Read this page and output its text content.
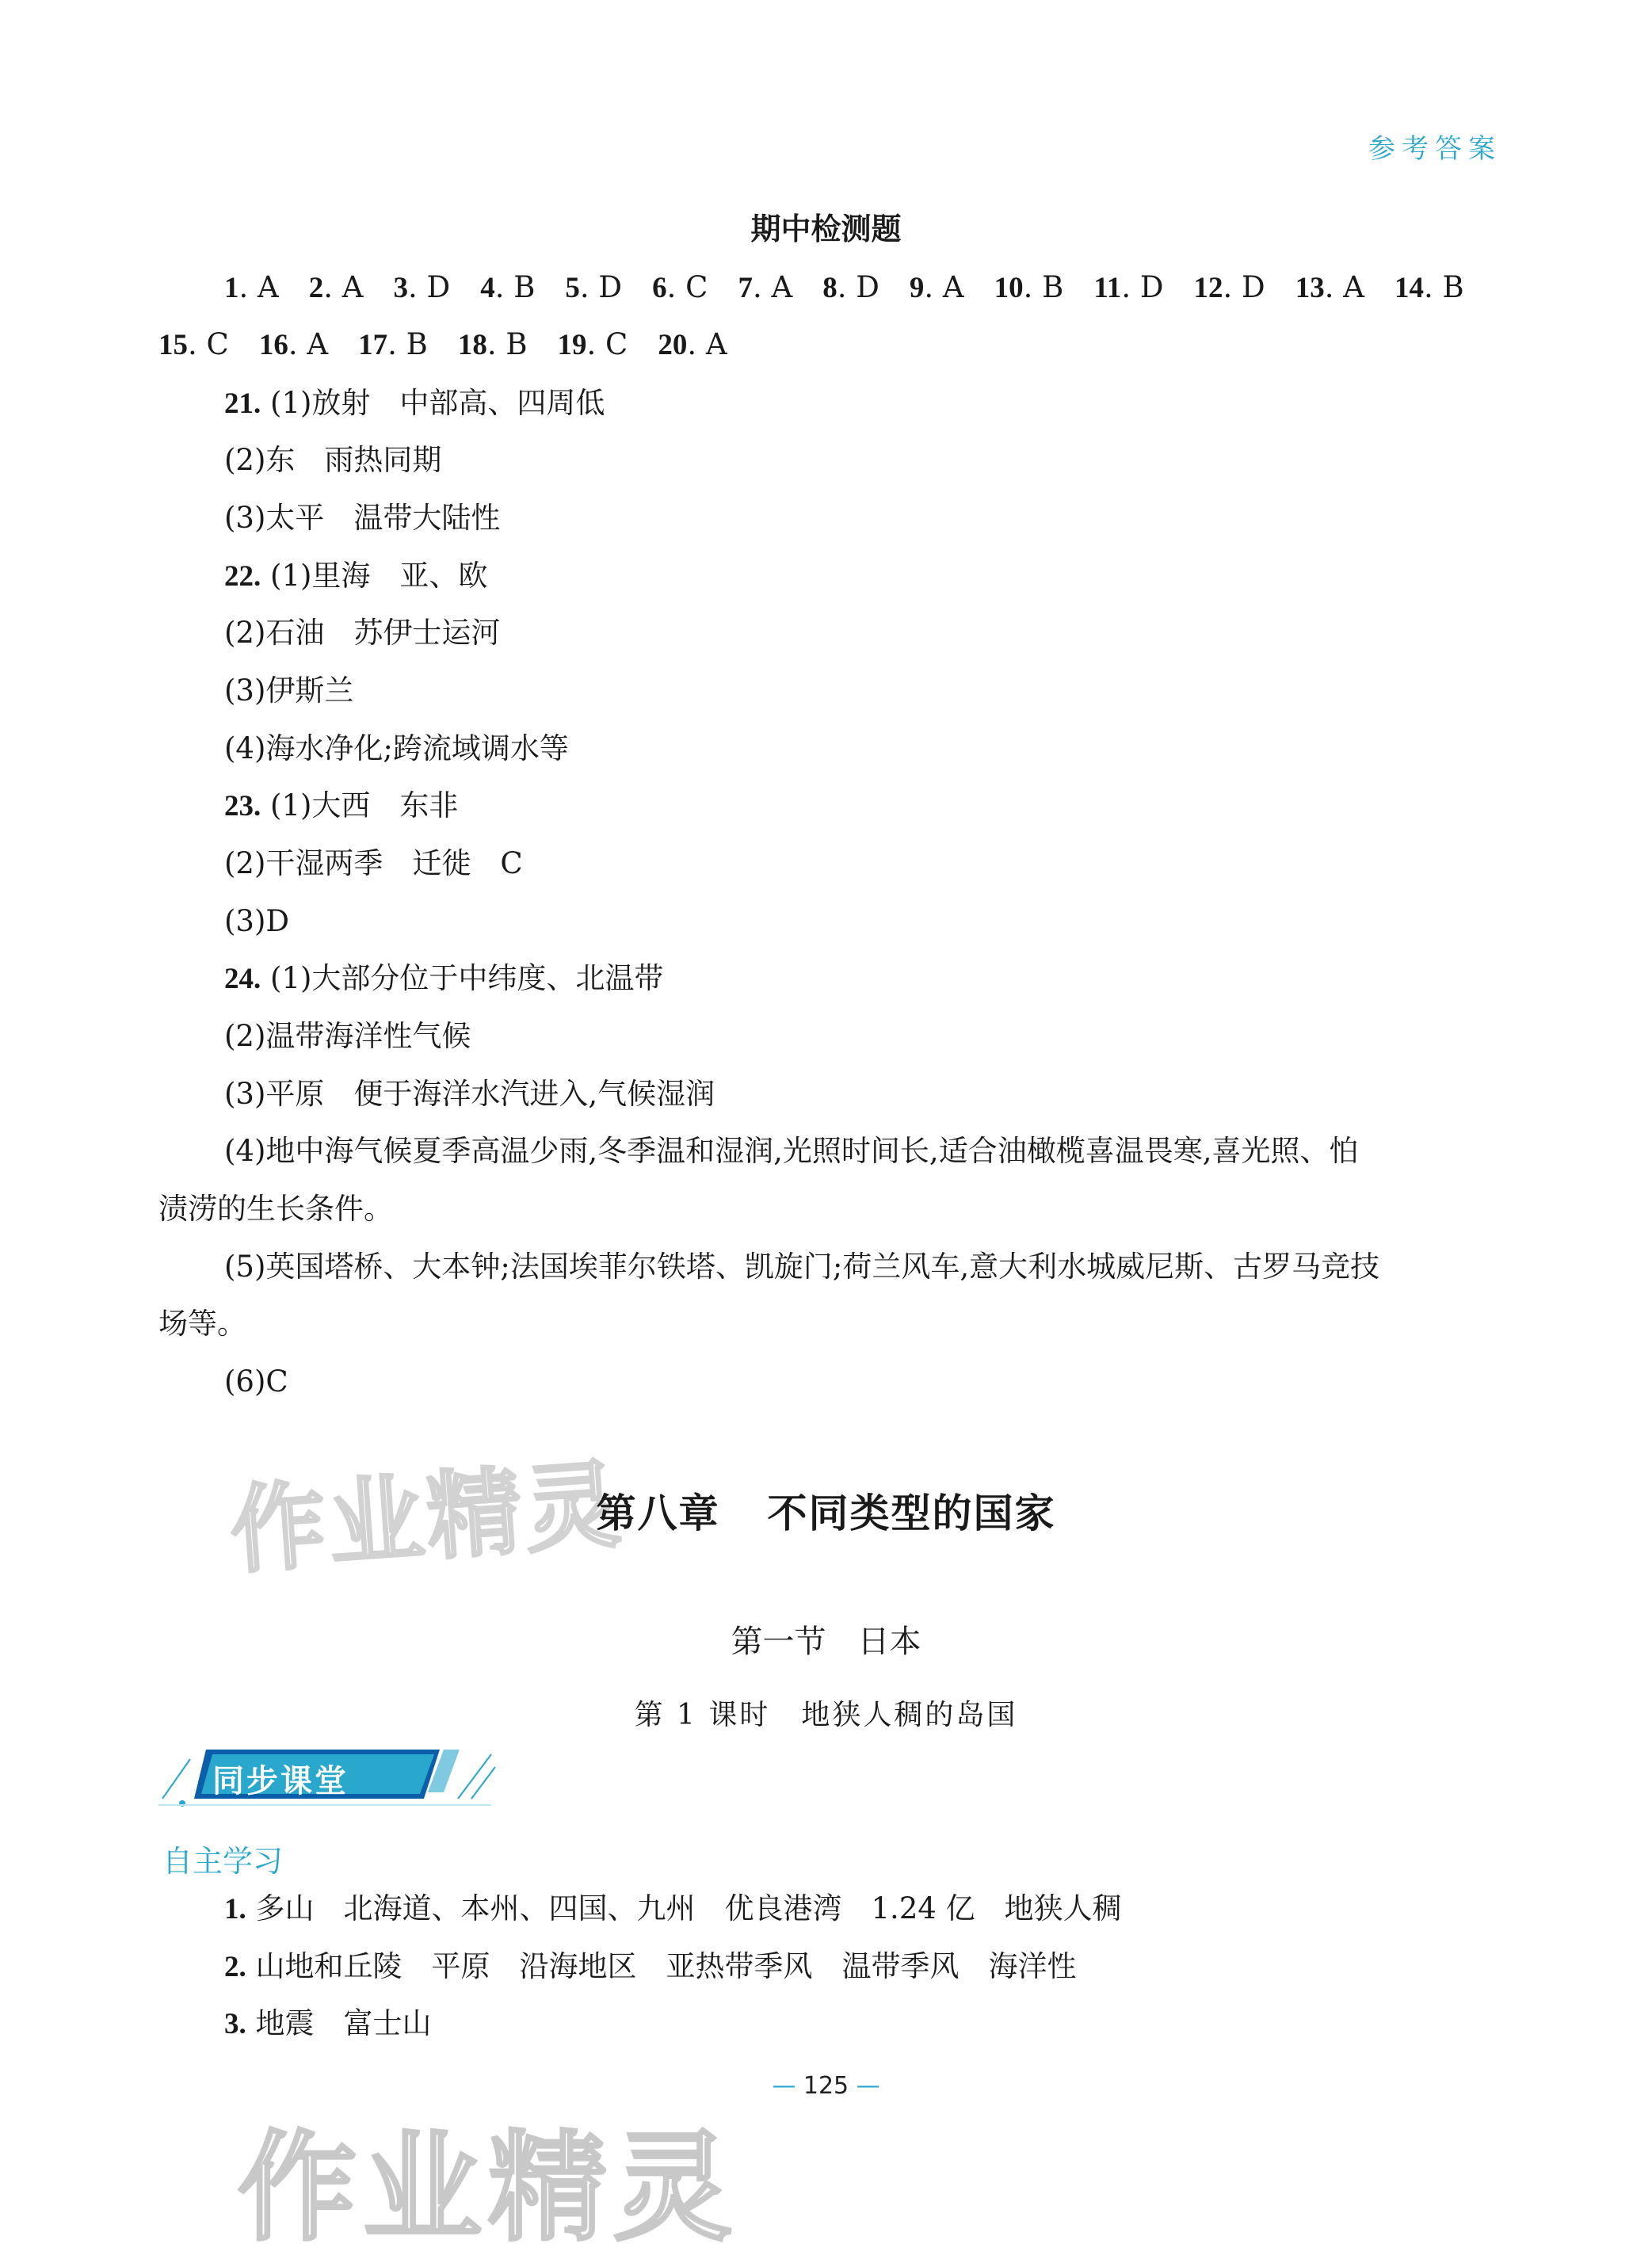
参考答案
期中检测题
1. A 2. A 3. D 4. B 5. D 6. C 7. A 8. D 9. A 10. B 11. D 12. D 13. A 14. B
15. C 16. A 17. B 18. B 19. C 20. A
21. (1)放射　中部高、四周低
(2)东　雨热同期
(3)太平　温带大陆性
22. (1)里海　亚、欧
(2)石油　苏伊士运河
(3)伊斯兰
(4)海水净化;跨流域调水等
23. (1)大西　东非
(2)干湿两季　迁徙　C
(3)D
24. (1)大部分位于中纬度、北温带
(2)温带海洋性气候
(3)平原　便于海洋水汽进入,气候湿润
(4)地中海气候夏季高温少雨,冬季温和湿润,光照时间长,适合油橄榄喜温畏寒,喜光照、怕
渍涝的生长条件。
(5)英国塔桥、大本钟;法国埃菲尔铁塔、凯旋门;荷兰风车,意大利水城威尼斯、古罗马竞技
场等。
(6)C
作业精灵
第八章 不同类型的国家
第一节　日本
第 1 课时　地狭人稠的岛国
同步课堂
自主学习
1. 多山　北海道、本州、四国、九州　优良港湾　1.24 亿　地狭人稠
2. 山地和丘陵　平原　沿海地区　亚热带季风　温带季风　海洋性
3. 地震　富士山
— 125 —
作业精灵
